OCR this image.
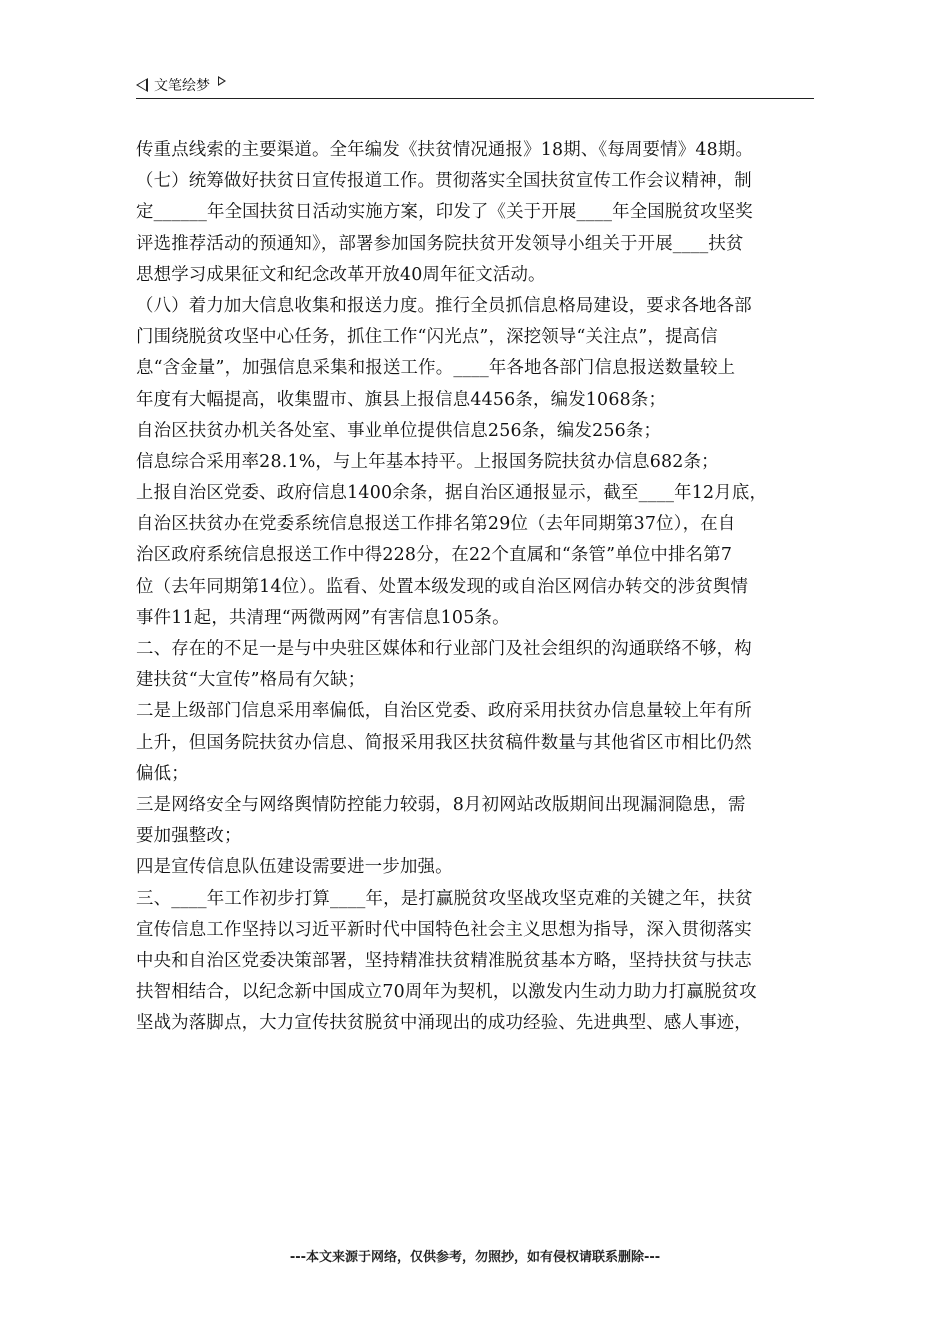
文笔绘梦
传重点线索的主要渠道。全年编发《扶贫情况通报》18期、《每周要情》48期。
（七）统筹做好扶贫日宣传报道工作。贯彻落实全国扶贫宣传工作会议精神，制
定______年全国扶贫日活动实施方案，印发了《关于开展____年全国脱贫攻坚奖
评选推荐活动的预通知》，部署参加国务院扶贫开发领导小组关于开展____扶贫
思想学习成果征文和纪念改革开放40周年征文活动。
（八）着力加大信息收集和报送力度。推行全员抓信息格局建设，要求各地各部
门围绕脱贫攻坚中心任务，抓住工作“闪光点”，深挖领导“关注点”，提高信
息“含金量”，加强信息采集和报送工作。____年各地各部门信息报送数量较上
年度有大幅提高，收集盟市、旗县上报信息4456条，编发1068条；
自治区扶贫办机关各处室、事业单位提供信息256条，编发256条；
信息综合采用率28.1%，与上年基本持平。上报国务院扶贫办信息682条；
上报自治区党委、政府信息1400余条，据自治区通报显示，截至____年12月底，
自治区扶贫办在党委系统信息报送工作排名第29位（去年同期第37位），在自
治区政府系统信息报送工作中得228分，在22个直属和“条管”单位中排名第7
位（去年同期第14位）。监看、处置本级发现的或自治区网信办转交的涉贫舆情
事件11起，共清理“两微两网”有害信息105条。
二、存在的不足一是与中央驻区媒体和行业部门及社会组织的沟通联络不够，构
建扶贫“大宣传”格局有欠缺；
二是上级部门信息采用率偏低，自治区党委、政府采用扶贫办信息量较上年有所
上升，但国务院扶贫办信息、简报采用我区扶贫稿件数量与其他省区市相比仍然
偏低；
三是网络安全与网络舆情防控能力较弱，8月初网站改版期间出现漏洞隐患，需
要加强整改；
四是宣传信息队伍建设需要进一步加强。
三、____年工作初步打算____年，是打赢脱贫攻坚战攻坚克难的关键之年，扶贫
宣传信息工作坚持以习近平新时代中国特色社会主义思想为指导，深入贯彻落实
中央和自治区党委决策部署，坚持精准扶贫精准脱贫基本方略，坚持扶贫与扶志
扶智相结合，以纪念新中国成立70周年为契机，以激发内生动力助力打赢脱贫攻
坚战为落脚点，大力宣传扶贫脱贫中涌现出的成功经验、先进典型、感人事迹，
---本文来源于网络，仅供参考，勿照抄，如有侵权请联系删除---
